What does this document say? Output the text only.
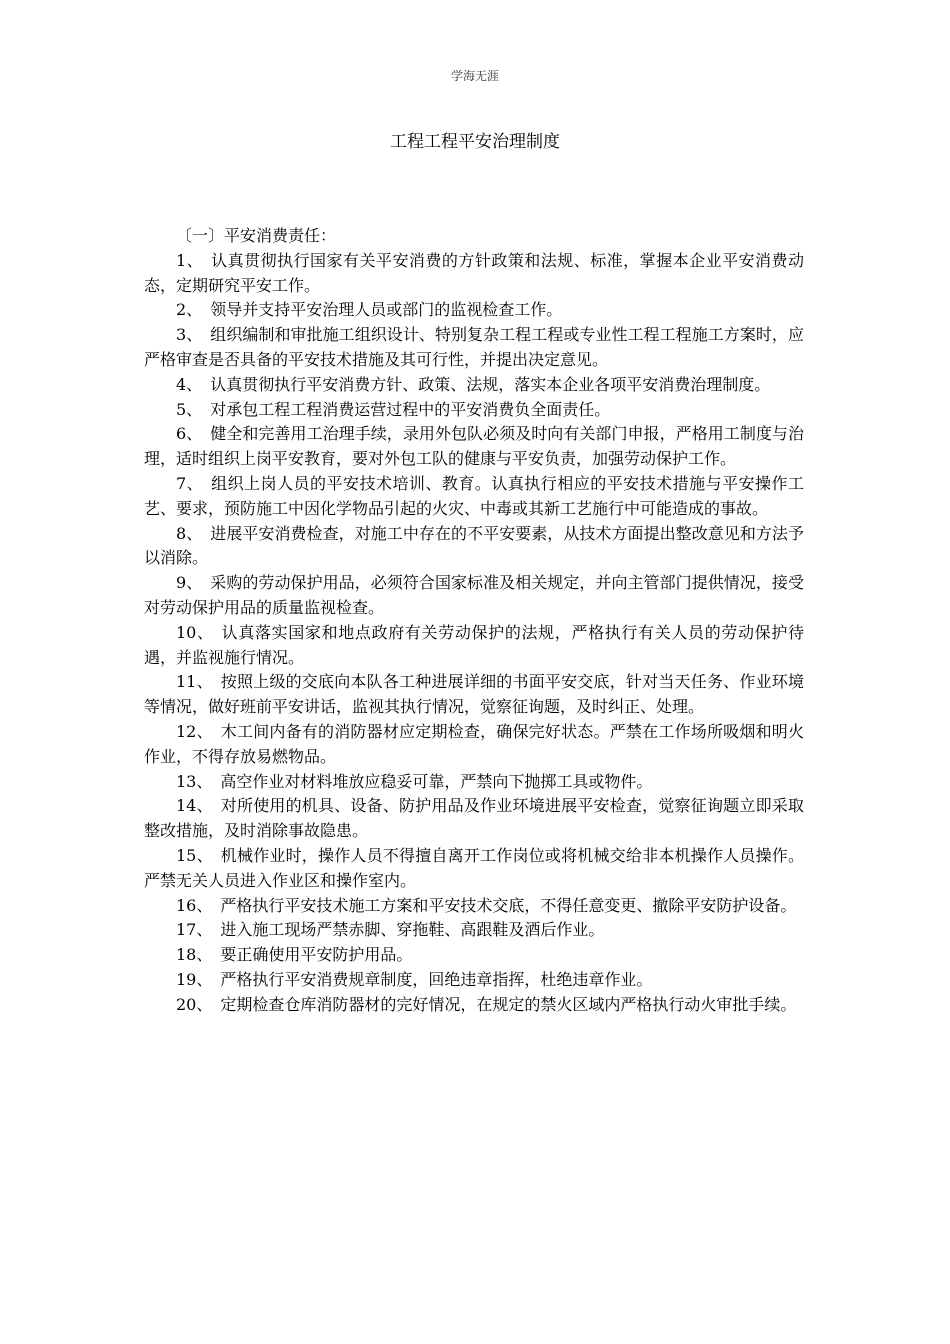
学海无涯
工程工程平安治理制度

〔一〕平安消费责任：

1、 认真贯彻执行国家有关平安消费的方针政策和法规、标准，掌握本企业平安消费动态，定期研究平安工作。

2、 领导并支持平安治理人员或部门的监视检查工作。

3、 组织编制和审批施工组织设计、特别复杂工程工程或专业性工程工程施工方案时，应严格审查是否具备的平安技术措施及其可行性，并提出决定意见。

4、 认真贯彻执行平安消费方针、政策、法规，落实本企业各项平安消费治理制度。

5、 对承包工程工程消费运营过程中的平安消费负全面责任。

6、 健全和完善用工治理手续，录用外包队必须及时向有关部门申报，严格用工制度与治理，适时组织上岗平安教育，要对外包工队的健康与平安负责，加强劳动保护工作。

7、 组织上岗人员的平安技术培训、教育。认真执行相应的平安技术措施与平安操作工艺、要求，预防施工中因化学物品引起的火灾、中毒或其新工艺施行中可能造成的事故。

8、 进展平安消费检查，对施工中存在的不平安要素，从技术方面提出整改意见和方法予以消除。

9、 采购的劳动保护用品，必须符合国家标准及相关规定，并向主管部门提供情况，接受对劳动保护用品的质量监视检查。

10、 认真落实国家和地点政府有关劳动保护的法规，严格执行有关人员的劳动保护待遇，并监视施行情况。

11、 按照上级的交底向本队各工种进展详细的书面平安交底，针对当天任务、作业环境等情况，做好班前平安讲话，监视其执行情况，觉察征询题，及时纠正、处理。

12、 木工间内备有的消防器材应定期检查，确保完好状态。严禁在工作场所吸烟和明火作业，不得存放易燃物品。

13、 高空作业对材料堆放应稳妥可靠，严禁向下抛掷工具或物件。

14、 对所使用的机具、设备、防护用品及作业环境进展平安检查，觉察征询题立即采取整改措施，及时消除事故隐患。

15、 机械作业时，操作人员不得擅自离开工作岗位或将机械交给非本机操作人员操作。严禁无关人员进入作业区和操作室内。

16、 严格执行平安技术施工方案和平安技术交底，不得任意变更、撤除平安防护设备。

17、 进入施工现场严禁赤脚、穿拖鞋、高跟鞋及酒后作业。

18、 要正确使用平安防护用品。

19、 严格执行平安消费规章制度，回绝违章指挥，杜绝违章作业。

20、 定期检查仓库消防器材的完好情况，在规定的禁火区域内严格执行动火审批手续。
